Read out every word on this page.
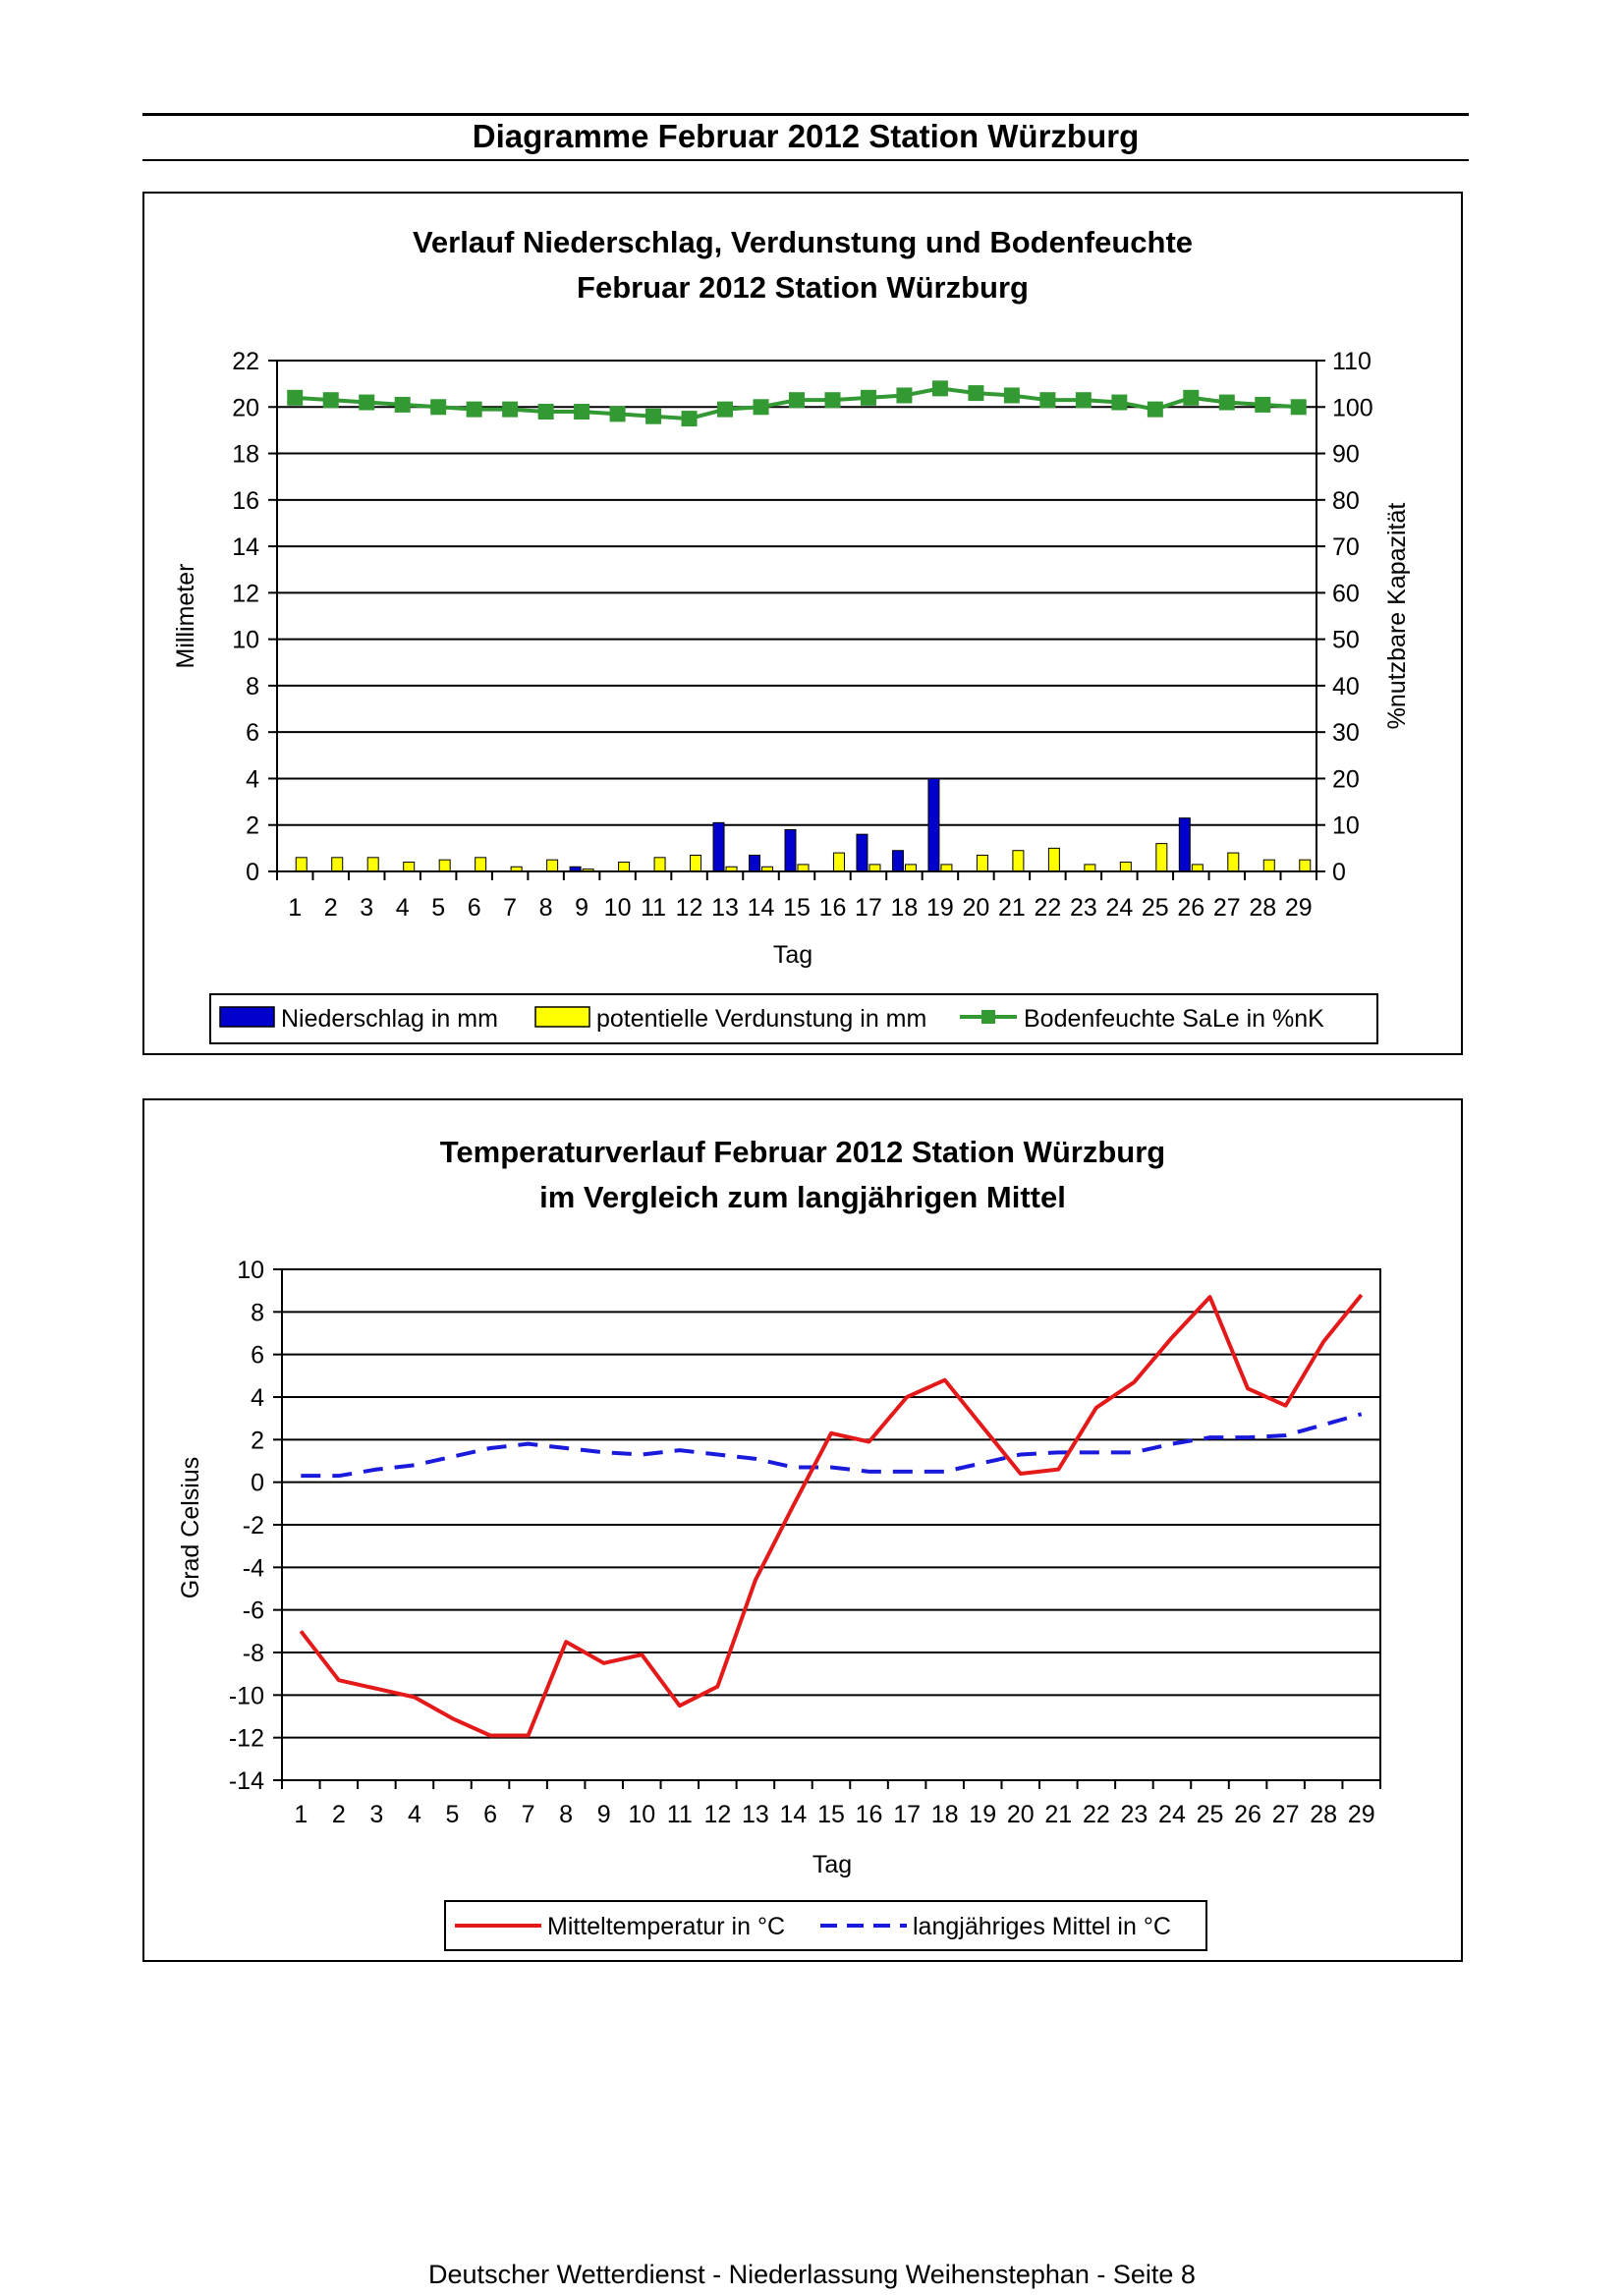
Diagramme Februar 2012 Station Würzburg
Verlauf Niederschlag, Verdunstung und Bodenfeuchte
Februar 2012 Station Würzburg
0
2
4
6
8
10
12
14
16
18
20
22
0
10
20
30
40
50
60
70
80
90
100
110
1 2 3 4 5 6 7 8 9 10 11 12 13 14 15 16 17 18 19 20 21 22 23 24 25 26 27 28 29
Millimeter	%nutzbare Kapazität
Tag
Niederschlag in mm	potentielle Verdunstung in mm	Bodenfeuchte SaLe in %nK
Temperaturverlauf Februar 2012 Station Würzburg
im Vergleich zum langjährigen Mittel
-14
-12
-10
-8
-6
-4
-2
0
2
4
6
8
10
1 2 3 4 5 6 7 8 9 10 11 12 13 14 15 16 17 18 19 20 21 22 23 24 25 26 27 28 29
Grad Celsius
Tag
Mitteltemperatur in °C	langjähriges Mittel in °C
Deutscher Wetterdienst - Niederlassung Weihenstephan - Seite 8
